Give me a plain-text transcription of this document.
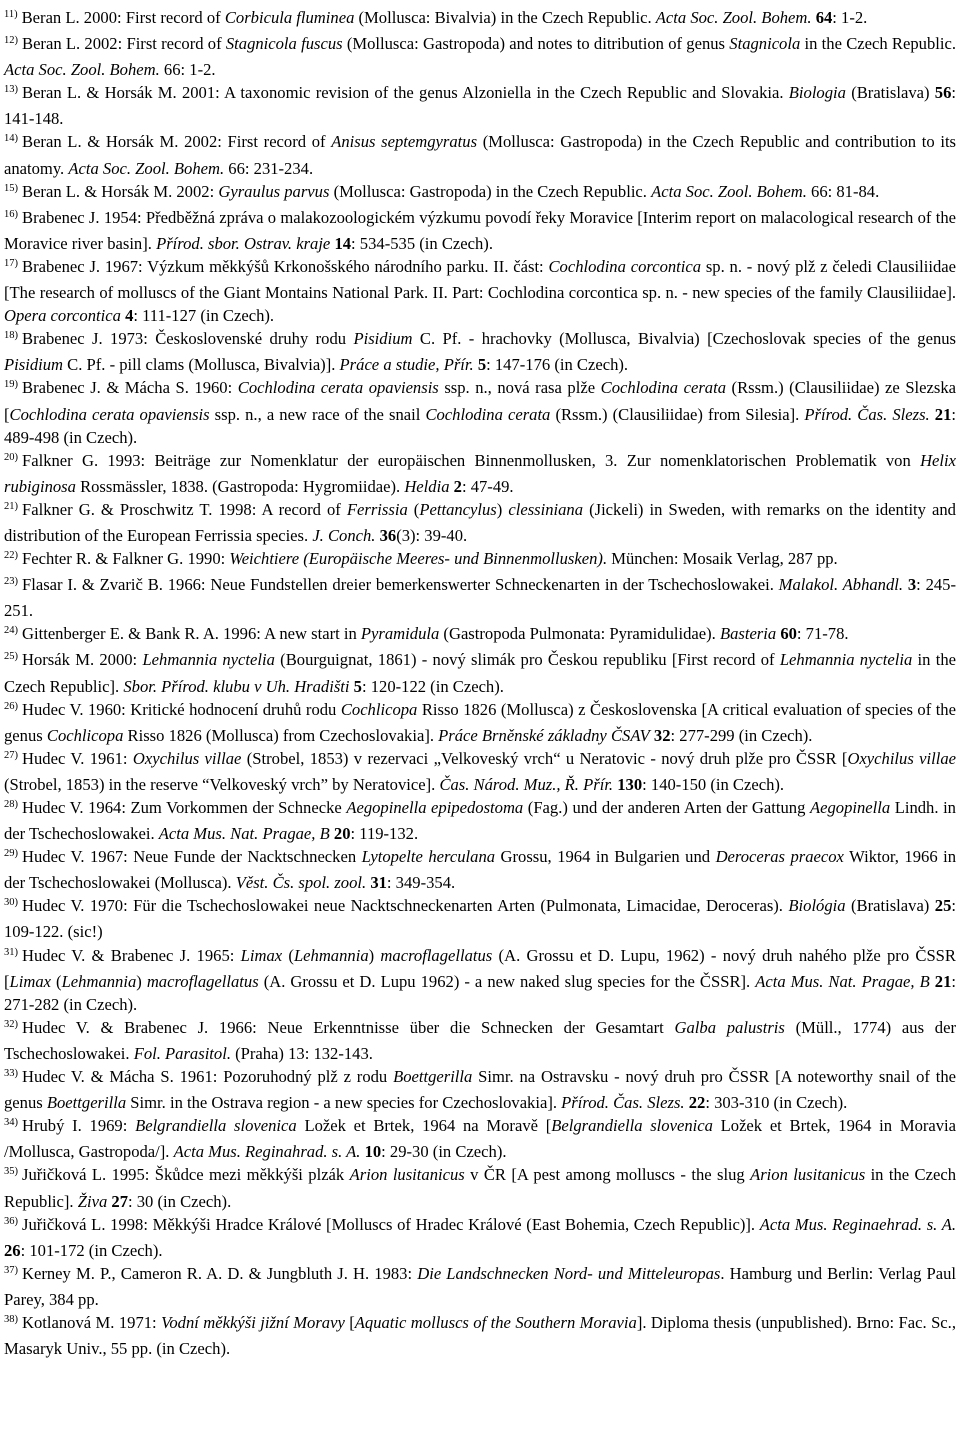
$^{11)}$ Beran L. 2000: First record of Corbicula fluminea (Mollusca: Bivalvia) in the Czech Republic. Acta Soc. Zool. Bohem. 64: 1-2.

$^{12)}$ Beran L. 2002: First record of Stagnicola fuscus (Mollusca: Gastropoda) and notes to ditribution of genus Stagnicola in the Czech Republic. Acta Soc. Zool. Bohem. 66: 1-2.

$^{13)}$ Beran L. & Horsák M. 2001: A taxonomic revision of the genus Alzoniella in the Czech Republic and Slovakia. Biologia (Bratislava) 56: 141-148.

$^{14)}$ Beran L. & Horsák M. 2002: First record of Anisus septemgyratus (Mollusca: Gastropoda) in the Czech Republic and contribution to its anatomy. Acta Soc. Zool. Bohem. 66: 231-234.

$^{15)}$ Beran L. & Horsák M. 2002: Gyraulus parvus (Mollusca: Gastropoda) in the Czech Republic. Acta Soc. Zool. Bohem. 66: 81-84.

$^{16)}$ Brabenec J. 1954: Předběžná zpráva o malakozoologickém výzkumu povodí řeky Moravice [Interim report on malacological research of the Moravice river basin]. Přírod. sbor. Ostrav. kraje 14: 534-535 (in Czech).

$^{17)}$ Brabenec J. 1967: Výzkum měkkýšů Krkonošského národního parku. II. část: Cochlodina corcontica sp. n. - nový plž z čeledi Clausiliidae [The research of molluscs of the Giant Montains National Park. II. Part: Cochlodina corcontica sp. n. - new species of the family Clausiliidae]. Opera corcontica 4: 111-127 (in Czech).

$^{18)}$ Brabenec J. 1973: Československé druhy rodu Pisidium C. Pf. - hrachovky (Mollusca, Bivalvia) [Czechoslovak species of the genus Pisidium C. Pf. - pill clams (Mollusca, Bivalvia)]. Práce a studie, Přír. 5: 147-176 (in Czech).

$^{19)}$ Brabenec J. & Mácha S. 1960: Cochlodina cerata opaviensis ssp. n., nová rasa plže Cochlodina cerata (Rssm.) (Clausiliidae) ze Slezska [Cochlodina cerata opaviensis ssp. n., a new race of the snail Cochlodina cerata (Rssm.) (Clausiliidae) from Silesia]. Přírod. Čas. Slezs. 21: 489-498 (in Czech).

$^{20)}$ Falkner G. 1993: Beiträge zur Nomenklatur der europäischen Binnenmollusken, 3. Zur nomenklatorischen Problematik von Helix rubiginosa Rossmässler, 1838. (Gastropoda: Hygromiidae). Heldia 2: 47-49.

$^{21)}$ Falkner G. & Proschwitz T. 1998: A record of Ferrissia (Pettancylus) clessiniana (Jickeli) in Sweden, with remarks on the identity and distribution of the European Ferrissia species. J. Conch. 36(3): 39-40.

$^{22)}$ Fechter R. & Falkner G. 1990: Weichtiere (Europäische Meeres- und Binnenmollusken). München: Mosaik Verlag, 287 pp.

$^{23)}$ Flasar I. & Zvarič B. 1966: Neue Fundstellen dreier bemerkenswerter Schneckenarten in der Tschechoslowakei. Malakol. Abhandl. 3: 245-251.

$^{24)}$ Gittenberger E. & Bank R. A. 1996: A new start in Pyramidula (Gastropoda Pulmonata: Pyramidulidae). Basteria 60: 71-78.

$^{25)}$ Horsák M. 2000: Lehmannia nyctelia (Bourguignat, 1861) - nový slimák pro Českou republiku [First record of Lehmannia nyctelia in the Czech Republic]. Sbor. Přírod. klubu v Uh. Hradišti 5: 120-122 (in Czech).

$^{26)}$ Hudec V. 1960: Kritické hodnocení druhů rodu Cochlicopa Risso 1826 (Mollusca) z Československa [A critical evaluation of species of the genus Cochlicopa Risso 1826 (Mollusca) from Czechoslovakia]. Práce Brněnské základny ČSAV 32: 277-299 (in Czech).

$^{27)}$ Hudec V. 1961: Oxychilus villae (Strobel, 1853) v rezervaci „Velkoveský vrch“ u Neratovic - nový druh plže pro ČSSR [Oxychilus villae (Strobel, 1853) in the reserve “Velkoveský vrch” by Neratovice]. Čas. Národ. Muz., Ř. Přír. 130: 140-150 (in Czech).

$^{28)}$ Hudec V. 1964: Zum Vorkommen der Schnecke Aegopinella epipedostoma (Fag.) und der anderen Arten der Gattung Aegopinella Lindh. in der Tschechoslowakei. Acta Mus. Nat. Pragae, B 20: 119-132.

$^{29)}$ Hudec V. 1967: Neue Funde der Nacktschnecken Lytopelte herculana Grossu, 1964 in Bulgarien und Deroceras praecox Wiktor, 1966 in der Tschechoslowakei (Mollusca). Věst. Čs. spol. zool. 31: 349-354.

$^{30)}$ Hudec V. 1970: Für die Tschechoslowakei neue Nacktschneckenarten Arten (Pulmonata, Limacidae, Deroceras). Biológia (Bratislava) 25: 109-122. (sic!)

$^{31)}$ Hudec V. & Brabenec J. 1965: Limax (Lehmannia) macroflagellatus (A. Grossu et D. Lupu, 1962) - nový druh nahého plže pro ČSSR [Limax (Lehmannia) macroflagellatus (A. Grossu et D. Lupu 1962) - a new naked slug species for the ČSSR]. Acta Mus. Nat. Pragae, B 21: 271-282 (in Czech).

$^{32)}$ Hudec V. & Brabenec J. 1966: Neue Erkenntnisse über die Schnecken der Gesamtart Galba palustris (Müll., 1774) aus der Tschechoslowakei. Fol. Parasitol. (Praha) 13: 132-143.

$^{33)}$ Hudec V. & Mácha S. 1961: Pozoruhodný plž z rodu Boettgerilla Simr. na Ostravsku - nový druh pro ČSSR [A noteworthy snail of the genus Boettgerilla Simr. in the Ostrava region - a new species for Czechoslovakia]. Přírod. Čas. Slezs. 22: 303-310 (in Czech).

$^{34)}$ Hrubý I. 1969: Belgrandiella slovenica Ložek et Brtek, 1964 na Moravě [Belgrandiella slovenica Ložek et Brtek, 1964 in Moravia /Mollusca, Gastropoda/]. Acta Mus. Reginahrad. s. A. 10: 29-30 (in Czech).

$^{35)}$ Juřičková L. 1995: Škůdce mezi měkkýši plzák Arion lusitanicus v ČR [A pest among molluscs - the slug Arion lusitanicus in the Czech Republic]. Živa 27: 30 (in Czech).

$^{36)}$ Juřičková L. 1998: Měkkýši Hradce Králové [Molluscs of Hradec Králové (East Bohemia, Czech Republic)]. Acta Mus. Reginaehrad. s. A. 26: 101-172 (in Czech).

$^{37)}$ Kerney M. P., Cameron R. A. D. & Jungbluth J. H. 1983: Die Landschnecken Nord- und Mitteleuropas. Hamburg und Berlin: Verlag Paul Parey, 384 pp.

$^{38)}$ Kotlanová M. 1971: Vodní měkkýši jižní Moravy [Aquatic molluscs of the Southern Moravia]. Diploma thesis (unpublished). Brno: Fac. Sc., Masaryk Univ., 55 pp. (in Czech).
